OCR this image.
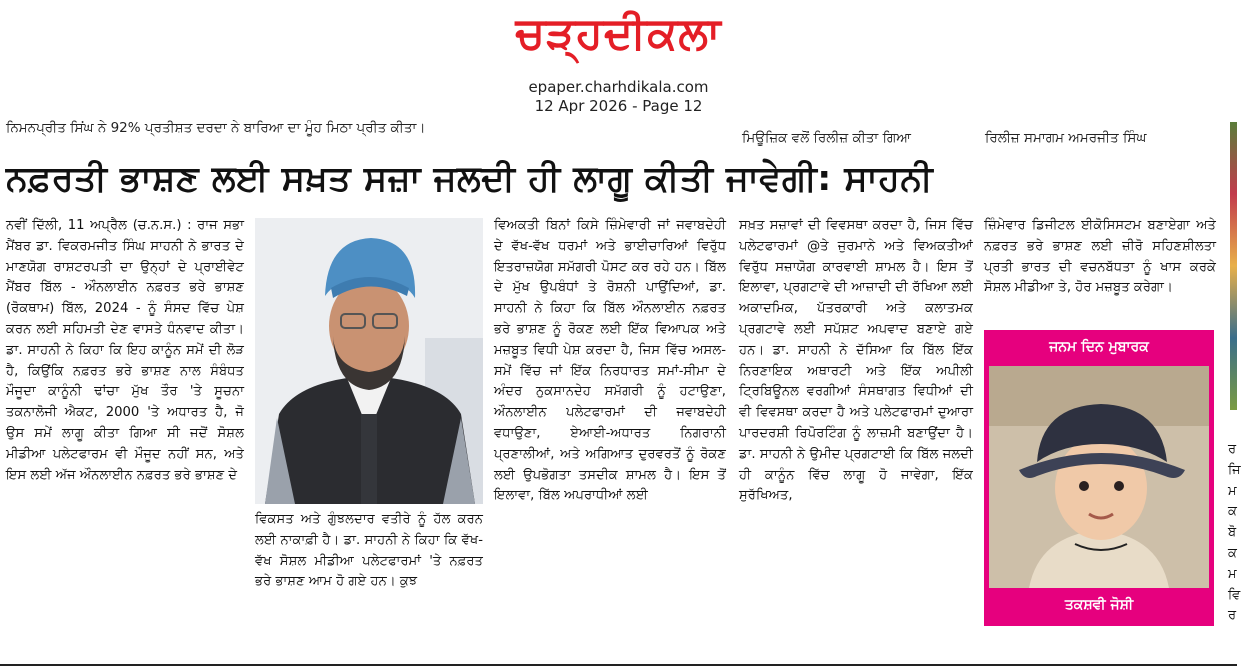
ਚੜ੍ਹਦੀਕਲਾ
epaper.charhdikala.com
12 Apr 2026 - Page 12
ਨਿਮਨਪ੍ਰੀਤ ਸਿਂਘ ਨੇ 92% ਪ੍ਰਤੀਸ਼ਤ ਦਰਦਾ ਨੇ ਬਾਰਿਆ ਦਾ ਮੂੰਹ ਮਿਠਾ ਪ੍ਰੀਤ ਕੀਤਾ।
ਮਿਊਜ਼ਿਕ ਵਲੋਂ ਰਿਲੀਜ਼ ਕੀਤਾ ਗਿਆ	ਰਿਲੀਜ਼ ਸਮਾਗਮ ਅਮਰਜੀਤ ਸਿੰਘ
ਨਫ਼ਰਤੀ ਭਾਸ਼ਣ ਲਈ ਸਖ਼ਤ ਸਜ਼ਾ ਜਲਦੀ ਹੀ ਲਾਗੂ ਕੀਤੀ ਜਾਵੇਗੀ: ਸਾਹਨੀ
ਨਵੀਂ ਦਿੱਲੀ, 11 ਅਪ੍ਰੈਲ (ਚ.ਨ.ਸ.) : ਰਾਜ ਸਭਾ ਮੈਂਬਰ ਡਾ. ਵਿਕਰਮਜੀਤ ਸਿੰਘ ਸਾਹਨੀ ਨੇ ਭਾਰਤ ਦੇ ਮਾਣਯੋਗ ਰਾਸ਼ਟਰਪਤੀ ਦਾ ਉਨ੍ਹਾਂ ਦੇ ਪ੍ਰਾਈਵੇਟ ਮੈਂਬਰ ਬਿੱਲ - ਔਨਲਾਈਨ ਨਫ਼ਰਤ ਭਰੇ ਭਾਸ਼ਣ (ਰੋਕਥਾਮ) ਬਿੱਲ, 2024 - ਨੂੰ ਸੰਸਦ ਵਿੱਚ ਪੇਸ਼ ਕਰਨ ਲਈ ਸਹਿਮਤੀ ਦੇਣ ਵਾਸਤੇ ਧੰਨਵਾਦ ਕੀਤਾ। ਡਾ. ਸਾਹਨੀ ਨੇ ਕਿਹਾ ਕਿ ਇਹ ਕਾਨੂੰਨ ਸਮੇਂ ਦੀ ਲੋੜ ਹੈ, ਕਿਉਂਕਿ ਨਫ਼ਰਤ ਭਰੇ ਭਾਸ਼ਣ ਨਾਲ ਸੰਬੰਧਤ ਮੌਜੂਦਾ ਕਾਨੂੰਨੀ ਢਾਂਚਾ ਮੁੱਖ ਤੌਰ 'ਤੇ ਸੂਚਨਾ ਤਕਨਾਲੋਜੀ ਐਕਟ, 2000 'ਤੇ ਅਧਾਰਤ ਹੈ, ਜੋ ਉਸ ਸਮੇਂ ਲਾਗੂ ਕੀਤਾ ਗਿਆ ਸੀ ਜਦੋਂ ਸੋਸ਼ਲ ਮੀਡੀਆ ਪਲੇਟਫਾਰਮ ਵੀ ਮੌਜੂਦ ਨਹੀਂ ਸਨ, ਅਤੇ ਇਸ ਲਈ ਅੱਜ ਔਨਲਾਈਨ ਨਫ਼ਰਤ ਭਰੇ ਭਾਸ਼ਣ ਦੇ
ਵਿਕਸਤ ਅਤੇ ਗੁੰਝਲਦਾਰ ਵਤੀਰੇ ਨੂੰ ਹੱਲ ਕਰਨ ਲਈ ਨਾਕਾਫ਼ੀ ਹੈ। ਡਾ. ਸਾਹਨੀ ਨੇ ਕਿਹਾ ਕਿ ਵੱਖ-ਵੱਖ ਸੋਸ਼ਲ ਮੀਡੀਆ ਪਲੇਟਫਾਰਮਾਂ 'ਤੇ ਨਫ਼ਰਤ ਭਰੇ ਭਾਸ਼ਣ ਆਮ ਹੋ ਗਏ ਹਨ। ਕੁਝ
ਵਿਅਕਤੀ ਬਿਨਾਂ ਕਿਸੇ ਜ਼ਿੰਮੇਵਾਰੀ ਜਾਂ ਜਵਾਬਦੇਹੀ ਦੇ ਵੱਖ-ਵੱਖ ਧਰਮਾਂ ਅਤੇ ਭਾਈਚਾਰਿਆਂ ਵਿਰੁੱਧ ਇਤਰਾਜ਼ਯੋਗ ਸਮੱਗਰੀ ਪੋਸਟ ਕਰ ਰਹੇ ਹਨ। ਬਿੱਲ ਦੇ ਮੁੱਖ ਉਪਬੰਧਾਂ ਤੇ ਰੋਸ਼ਨੀ ਪਾਉਂਦਿਆਂ, ਡਾ. ਸਾਹਨੀ ਨੇ ਕਿਹਾ ਕਿ ਬਿੱਲ ਔਨਲਾਈਨ ਨਫ਼ਰਤ ਭਰੇ ਭਾਸ਼ਣ ਨੂੰ ਰੋਕਣ ਲਈ ਇੱਕ ਵਿਆਪਕ ਅਤੇ ਮਜ਼ਬੂਤ ਵਿਧੀ ਪੇਸ਼ ਕਰਦਾ ਹੈ, ਜਿਸ ਵਿੱਚ ਅਸਲ-ਸਮੇਂ ਵਿੱਚ ਜਾਂ ਇੱਕ ਨਿਰਧਾਰਤ ਸਮਾਂ-ਸੀਮਾ ਦੇ ਅੰਦਰ ਨੁਕਸਾਨਦੇਹ ਸਮੱਗਰੀ ਨੂੰ ਹਟਾਉਣਾ, ਔਨਲਾਈਨ ਪਲੇਟਫਾਰਮਾਂ ਦੀ ਜਵਾਬਦੇਹੀ ਵਧਾਉਣਾ, ਏਆਈ-ਅਧਾਰਤ ਨਿਗਰਾਨੀ ਪ੍ਰਣਾਲੀਆਂ, ਅਤੇ ਅਗਿਆਤ ਦੁਰਵਰਤੋਂ ਨੂੰ ਰੋਕਣ ਲਈ ਉਪਭੋਗਤਾ ਤਸਦੀਕ ਸ਼ਾਮਲ ਹੈ। ਇਸ ਤੋਂ ਇਲਾਵਾ, ਬਿੱਲ ਅਪਰਾਧੀਆਂ ਲਈ
ਸਖ਼ਤ ਸਜ਼ਾਵਾਂ ਦੀ ਵਿਵਸਥਾ ਕਰਦਾ ਹੈ, ਜਿਸ ਵਿੱਚ ਪਲੇਟਫਾਰਮਾਂ @ਤੇ ਜੁਰਮਾਨੇ ਅਤੇ ਵਿਅਕਤੀਆਂ ਵਿਰੁੱਧ ਸਜ਼ਾਯੋਗ ਕਾਰਵਾਈ ਸ਼ਾਮਲ ਹੈ। ਇਸ ਤੋਂ ਇਲਾਵਾ, ਪ੍ਰਗਟਾਵੇ ਦੀ ਆਜ਼ਾਦੀ ਦੀ ਰੱਖਿਆ ਲਈ ਅਕਾਦਮਿਕ, ਪੱਤਰਕਾਰੀ ਅਤੇ ਕਲਾਤਮਕ ਪ੍ਰਗਟਾਵੇ ਲਈ ਸਪੱਸ਼ਟ ਅਪਵਾਦ ਬਣਾਏ ਗਏ ਹਨ। ਡਾ. ਸਾਹਨੀ ਨੇ ਦੱਸਿਆ ਕਿ ਬਿੱਲ ਇੱਕ ਨਿਰਣਾਇਕ ਅਥਾਰਟੀ ਅਤੇ ਇੱਕ ਅਪੀਲੀ ਟ੍ਰਿਬਿਊਨਲ ਵਰਗੀਆਂ ਸੰਸਥਾਗਤ ਵਿਧੀਆਂ ਦੀ ਵੀ ਵਿਵਸਥਾ ਕਰਦਾ ਹੈ ਅਤੇ ਪਲੇਟਫਾਰਮਾਂ ਦੁਆਰਾ ਪਾਰਦਰਸ਼ੀ ਰਿਪੋਰਟਿੰਗ ਨੂੰ ਲਾਜ਼ਮੀ ਬਣਾਉਂਦਾ ਹੈ। ਡਾ. ਸਾਹਨੀ ਨੇ ਉਮੀਦ ਪ੍ਰਗਟਾਈ ਕਿ ਬਿੱਲ ਜਲਦੀ ਹੀ ਕਾਨੂੰਨ ਵਿੱਚ ਲਾਗੂ ਹੋ ਜਾਵੇਗਾ, ਇੱਕ ਸੁਰੱਖਿਅਤ,
ਜ਼ਿੰਮੇਵਾਰ ਡਿਜੀਟਲ ਈਕੋਸਿਸਟਮ ਬਣਾਏਗਾ ਅਤੇ ਨਫ਼ਰਤ ਭਰੇ ਭਾਸ਼ਣ ਲਈ ਜ਼ੀਰੋ ਸਹਿਣਸ਼ੀਲਤਾ ਪ੍ਰਤੀ ਭਾਰਤ ਦੀ ਵਚਨਬੱਧਤਾ ਨੂੰ ਖਾਸ ਕਰਕੇ ਸੋਸ਼ਲ ਮੀਡੀਆ ਤੇ, ਹੋਰ ਮਜ਼ਬੂਤ ਕਰੇਗਾ।
ਜਨਮ ਦਿਨ ਮੁਬਾਰਕ
ਤਕਸ਼ਵੀ ਜੋਸ਼ੀ
ਰ ਜਿ ਮ ਕ ਬੋ ਕ ਮ ਵਿ ਰ
